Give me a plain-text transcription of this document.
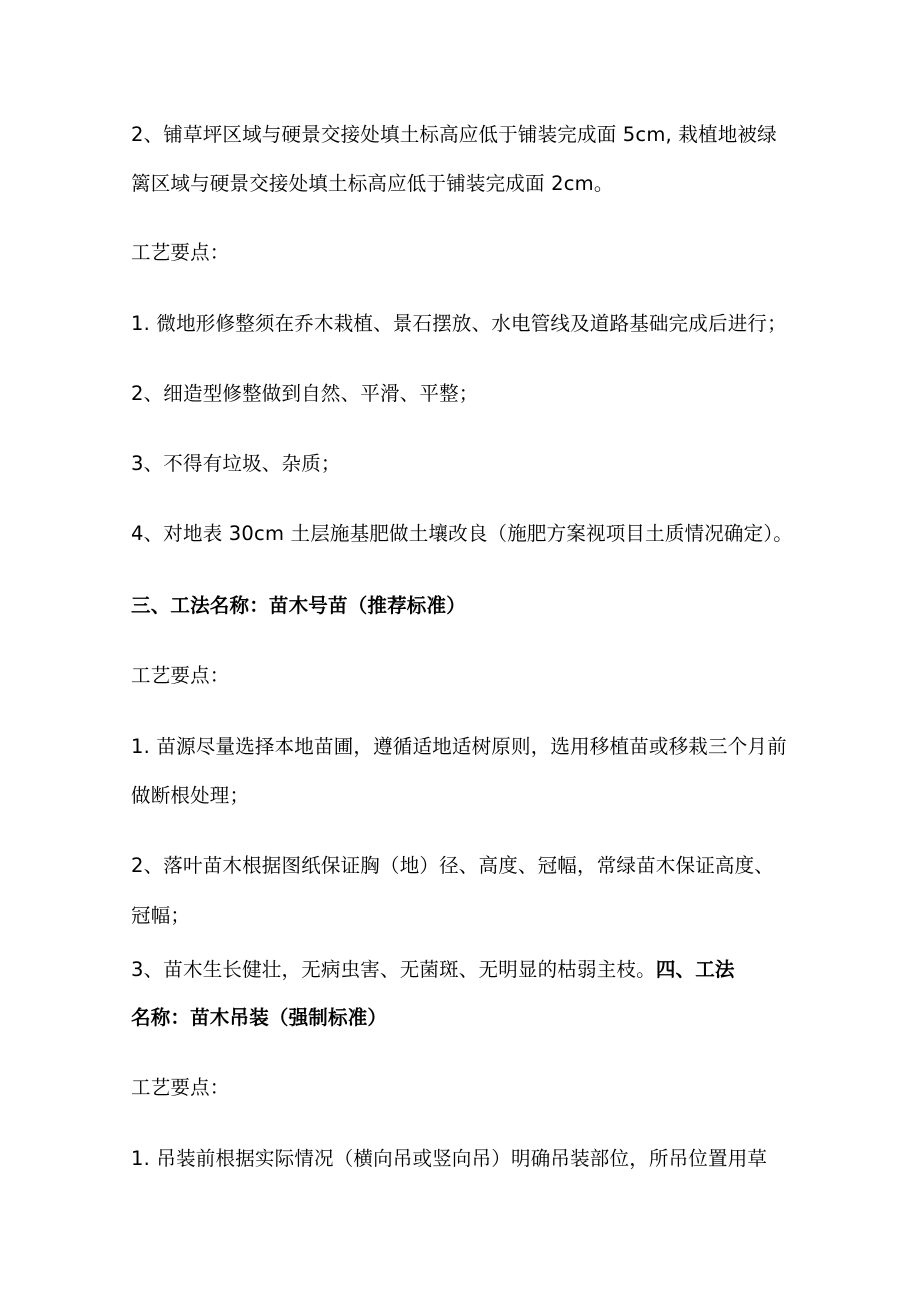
2、铺草坪区域与硬景交接处填土标高应低于铺装完成面 5cm, 栽植地被绿
篱区域与硬景交接处填土标高应低于铺装完成面 2cm。
工艺要点：
1. 微地形修整须在乔木栽植、景石摆放、水电管线及道路基础完成后进行；
2、细造型修整做到自然、平滑、平整；
3、不得有垃圾、杂质；
4、对地表 30cm 土层施基肥做土壤改良（施肥方案视项目土质情况确定）。
三、工法名称：苗木号苗（推荐标准）
工艺要点：
1. 苗源尽量选择本地苗圃，遵循适地适树原则，选用移植苗或移栽三个月前
做断根处理；
2、落叶苗木根据图纸保证胸（地）径、高度、冠幅，常绿苗木保证高度、
冠幅；
3、苗木生长健壮，无病虫害、无菌斑、无明显的枯弱主枝。四、工法
名称：苗木吊装（强制标准）
工艺要点：
1. 吊装前根据实际情况（横向吊或竖向吊）明确吊装部位，所吊位置用草
